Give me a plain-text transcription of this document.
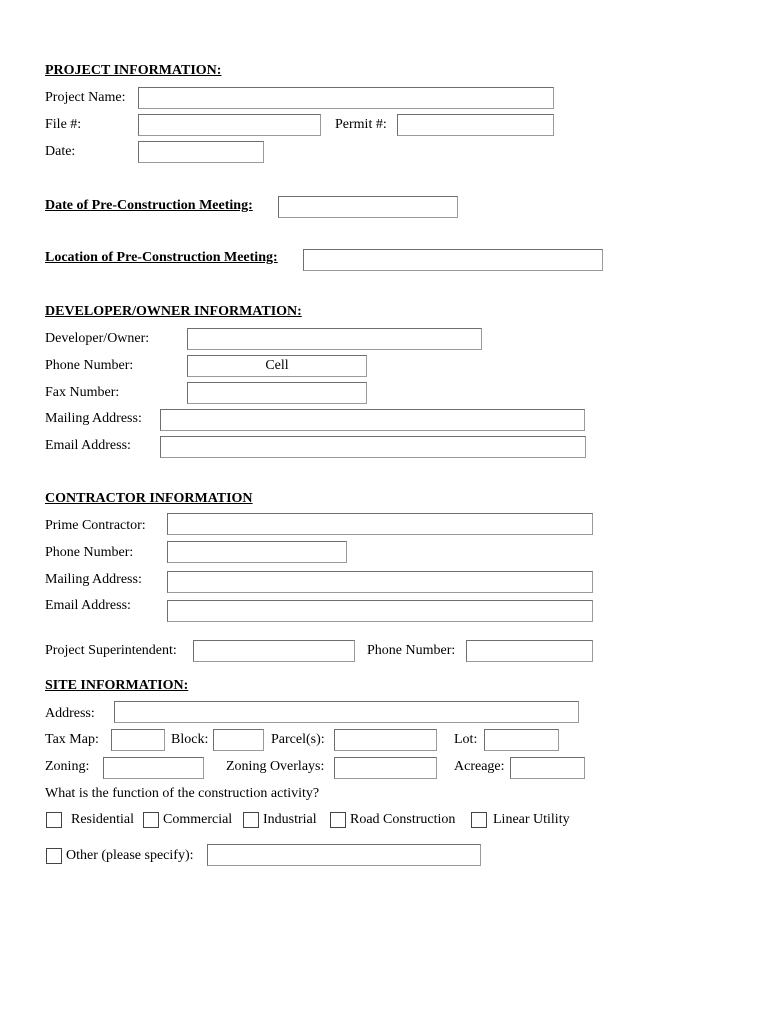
PROJECT INFORMATION:
Project Name:
File #:	Permit #:
Date:
Date of Pre-Construction Meeting:
Location of Pre-Construction Meeting:
DEVELOPER/OWNER INFORMATION:
Developer/Owner:
Phone Number:	Cell
Fax Number:
Mailing Address:
Email Address:
CONTRACTOR INFORMATION
Prime Contractor:
Phone Number:
Mailing Address:
Email Address:
Project Superintendent:	Phone Number:
SITE INFORMATION:
Address:
Tax Map:	Block:	Parcel(s):	Lot:
Zoning:	Zoning Overlays:	Acreage:
What is the function of the construction activity?
Residential Commercial Industrial Road Construction	Linear Utility
Other (please specify):
